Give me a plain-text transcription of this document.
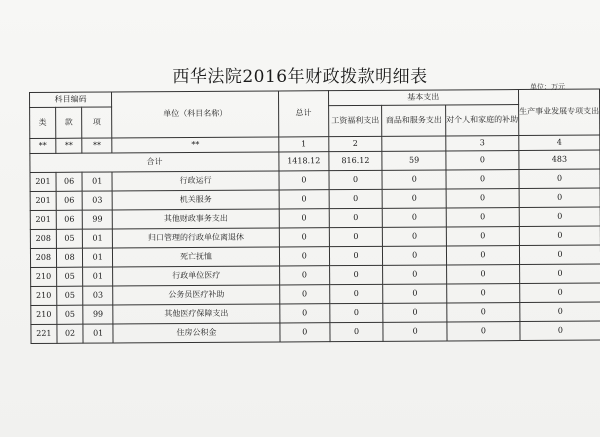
西华法院2016年财政拨款明细表	单位：万元
科目编码			单位（科目名称）	总计	基本支出			生产事业发展专项支出
类	款	项			工资福利支出	商品和服务支出	对个人和家庭的补助	
**	**	**	**	1	2		3	4
合计				1418.12	816.12	59	0	483
201	06	01	行政运行	0	0	0	0	0
201	06	03	机关服务	0	0	0	0	0
201	06	99	其他财政事务支出	0	0	0	0	0
208	05	01	归口管理的行政单位离退休	0	0	0	0	0
208	08	01	死亡抚恤	0	0	0	0	0
210	05	01	行政单位医疗	0	0	0	0	0
210	05	03	公务员医疗补助	0	0	0	0	0
210	05	99	其他医疗保障支出	0	0	0	0	0
221	02	01	住房公积金	0	0	0	0	0
